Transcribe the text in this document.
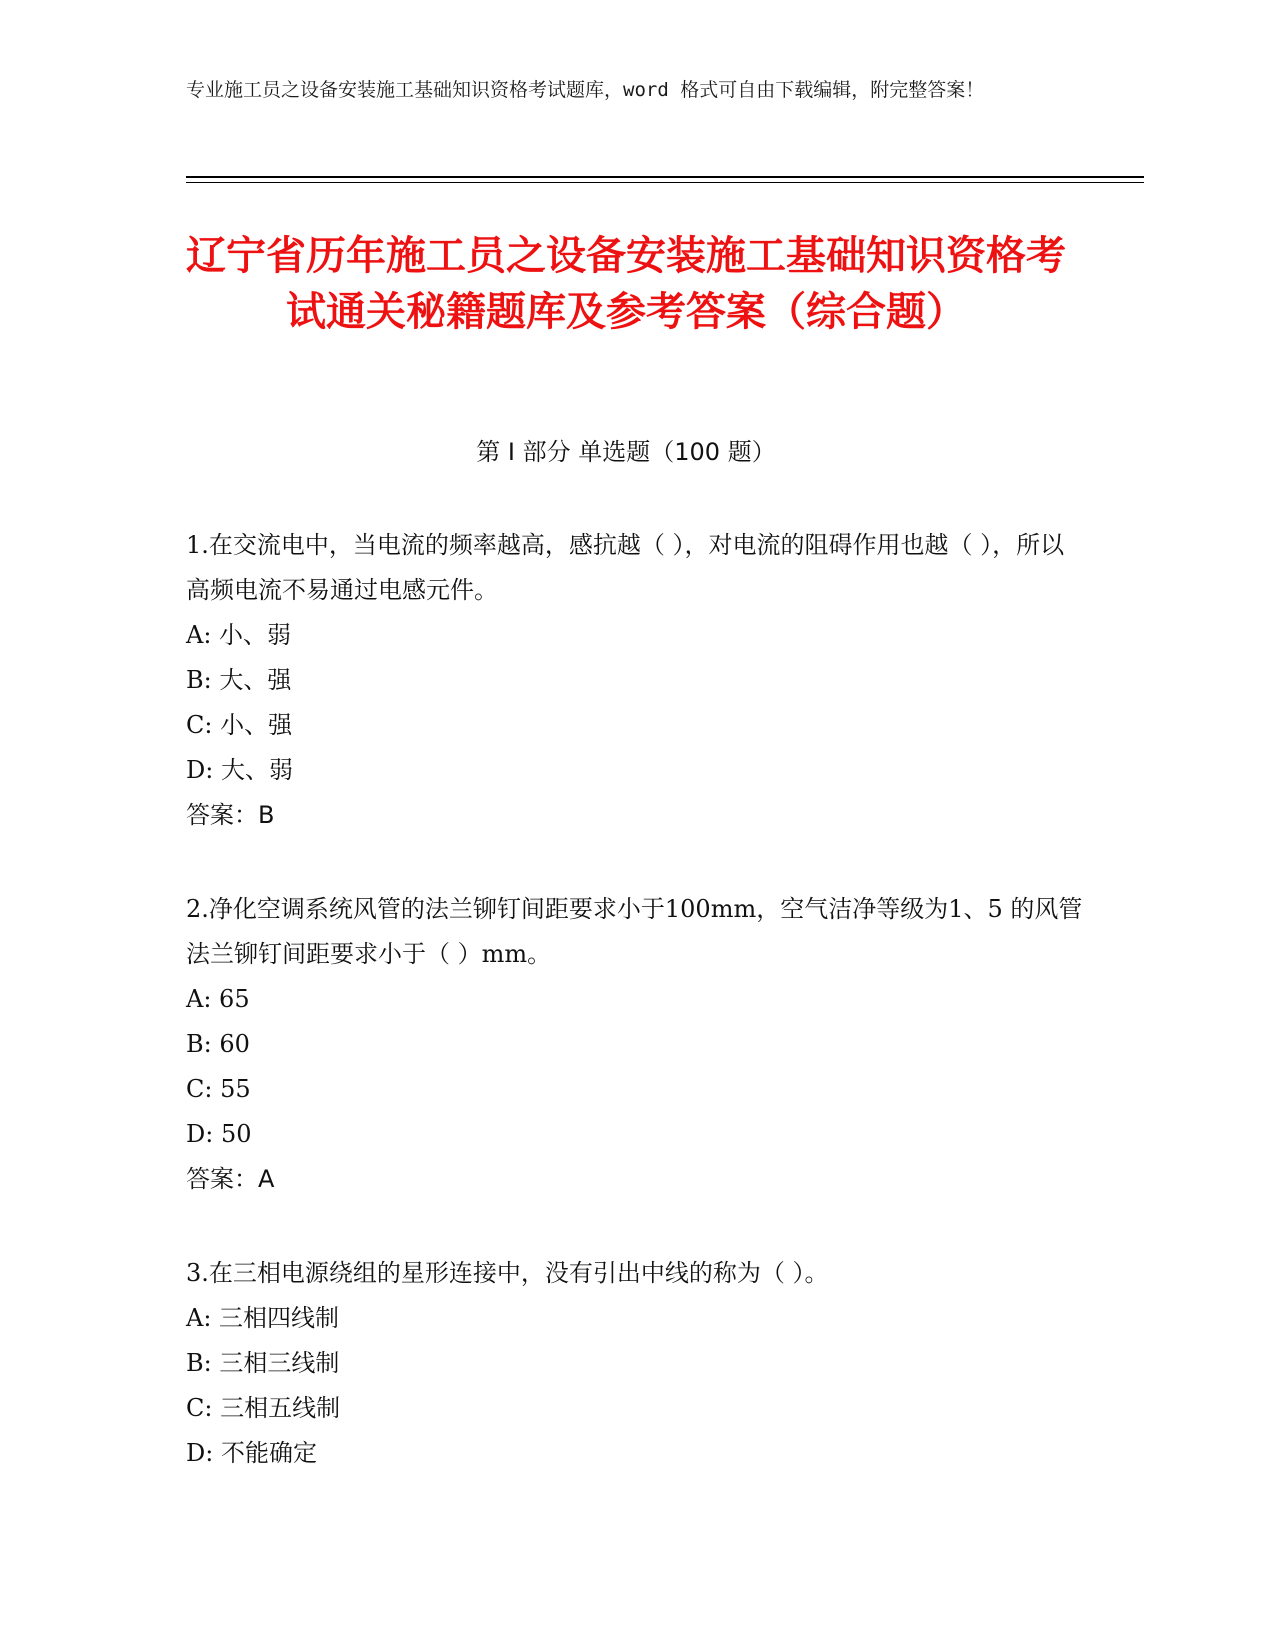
专业施工员之设备安装施工基础知识资格考试题库，word 格式可自由下载编辑，附完整答案！
辽宁省历年施工员之设备安装施工基础知识资格考试通关秘籍题库及参考答案（综合题）
第 I 部分 单选题（100 题）
1.在交流电中，当电流的频率越高，感抗越（ ），对电流的阻碍作用也越（ ），所以高频电流不易通过电感元件。
A: 小、弱
B: 大、强
C: 小、强
D: 大、弱
答案：B
2.净化空调系统风管的法兰铆钉间距要求小于100mm，空气洁净等级为1、5 的风管法兰铆钉间距要求小于（ ）mm。
A: 65
B: 60
C: 55
D: 50
答案：A
3.在三相电源绕组的星形连接中，没有引出中线的称为（ ）。
A: 三相四线制
B: 三相三线制
C: 三相五线制
D: 不能确定
